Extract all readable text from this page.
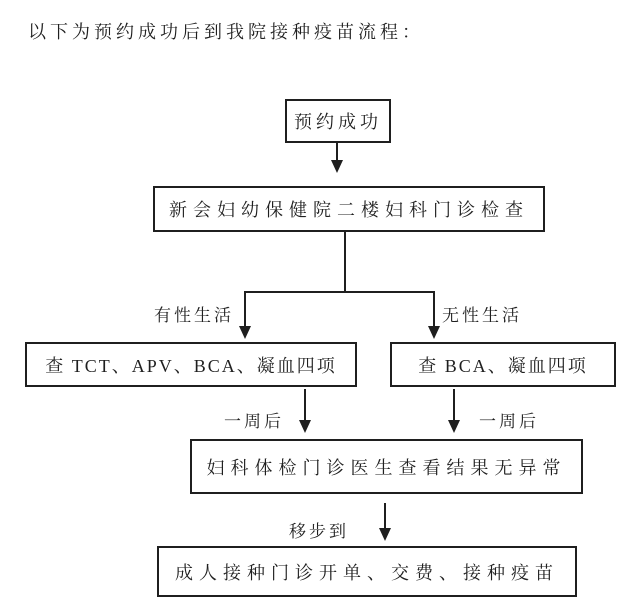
以下为预约成功后到我院接种疫苗流程：
预约成功
新会妇幼保健院二楼妇科门诊检查
查 TCT、APV、BCA、凝血四项	查 BCA、凝血四项
妇科体检门诊医生查看结果无异常
成人接种门诊开单、交费、接种疫苗
有性生活	无性生活
一周后	一周后
移步到
